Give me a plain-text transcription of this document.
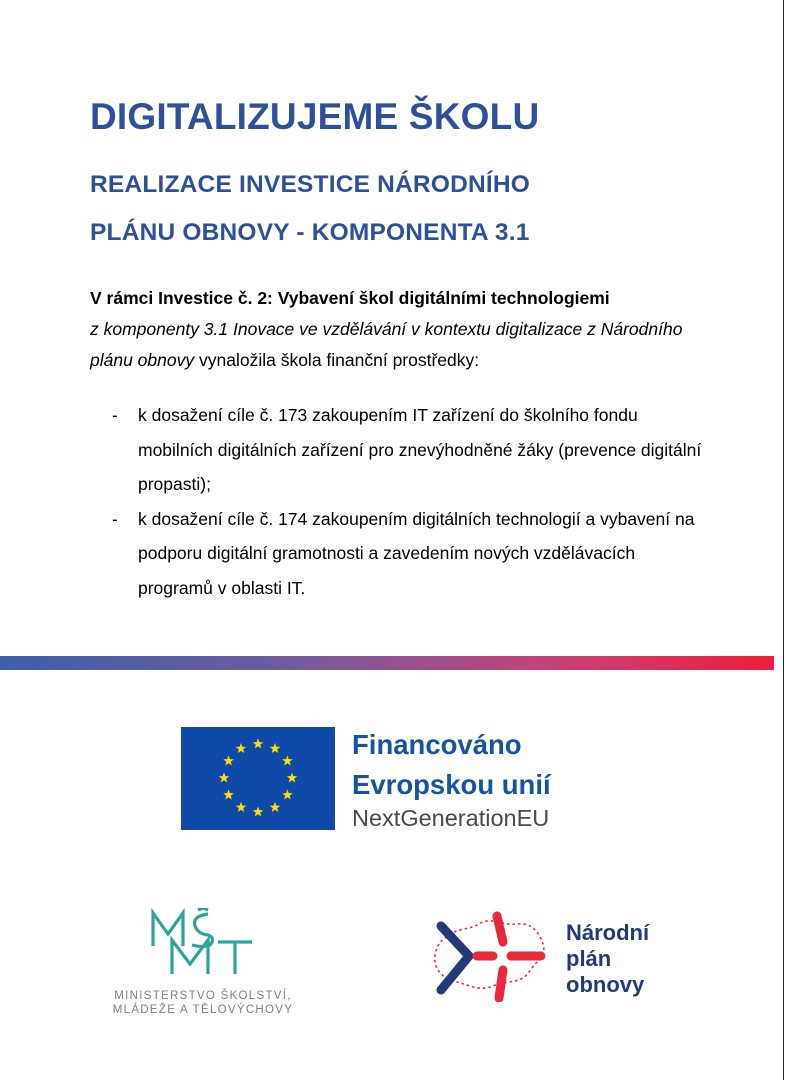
DIGITALIZUJEME ŠKOLU
REALIZACE INVESTICE NÁRODNÍHO
PLÁNU OBNOVY - KOMPONENTA 3.1
V rámci Investice č. 2: Vybavení škol digitálními technologiemi
z komponenty 3.1 Inovace ve vzdělávání v kontextu digitalizace z Národního plánu obnovy vynaložila škola finanční prostředky:
- k dosažení cíle č. 173 zakoupením IT zařízení do školního fondu mobilních digitálních zařízení pro znevýhodněné žáky (prevence digitální propasti);
- k dosažení cíle č. 174 zakoupením digitálních technologií a vybavení na podporu digitální gramotnosti a zavedením nových vzdělávacích programů v oblasti IT.
Financováno
Evropskou unií
NextGenerationEU
MINISTERSTVO ŠKOLSTVÍ,
MLÁDEŽE A TĚLOVÝCHOVY
Národní
plán
obnovy
